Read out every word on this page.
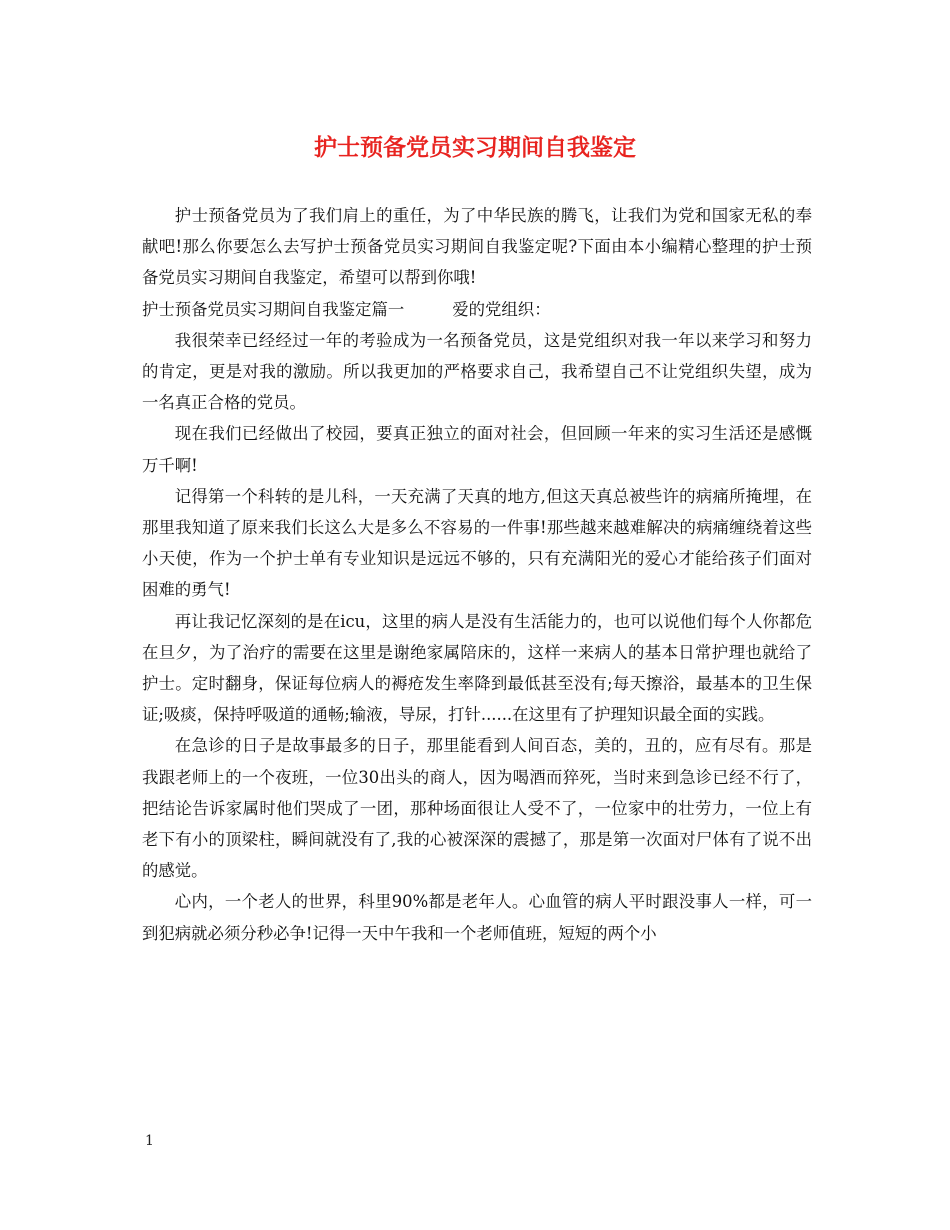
护士预备党员实习期间自我鉴定

护士预备党员为了我们肩上的重任，为了中华民族的腾飞，让我们为党和国家无私的奉献吧!那么你要怎么去写护士预备党员实习期间自我鉴定呢?下面由本小编精心整理的护士预备党员实习期间自我鉴定，希望可以帮到你哦!

护士预备党员实习期间自我鉴定篇一	爱的党组织：

我很荣幸已经经过一年的考验成为一名预备党员，这是党组织对我一年以来学习和努力的肯定，更是对我的激励。所以我更加的严格要求自己，我希望自己不让党组织失望，成为一名真正合格的党员。

现在我们已经做出了校园，要真正独立的面对社会，但回顾一年来的实习生活还是感慨万千啊!

记得第一个科转的是儿科，一天充满了天真的地方,但这天真总被些许的病痛所掩埋，在那里我知道了原来我们长这么大是多么不容易的一件事!那些越来越难解决的病痛缠绕着这些小天使，作为一个护士单有专业知识是远远不够的，只有充满阳光的爱心才能给孩子们面对困难的勇气!

再让我记忆深刻的是在icu，这里的病人是没有生活能力的，也可以说他们每个人你都危在旦夕，为了治疗的需要在这里是谢绝家属陪床的，这样一来病人的基本日常护理也就给了护士。定时翻身，保证每位病人的褥疮发生率降到最低甚至没有;每天擦浴，最基本的卫生保证;吸痰，保持呼吸道的通畅;输液，导尿，打针......在这里有了护理知识最全面的实践。

在急诊的日子是故事最多的日子，那里能看到人间百态，美的，丑的，应有尽有。那是我跟老师上的一个夜班，一位30出头的商人，因为喝酒而猝死，当时来到急诊已经不行了，把结论告诉家属时他们哭成了一团，那种场面很让人受不了，一位家中的壮劳力，一位上有老下有小的顶梁柱，瞬间就没有了,我的心被深深的震撼了，那是第一次面对尸体有了说不出的感觉。

心内，一个老人的世界，科里90%都是老年人。心血管的病人平时跟没事人一样，可一到犯病就必须分秒必争!记得一天中午我和一个老师值班，短短的两个小

1
